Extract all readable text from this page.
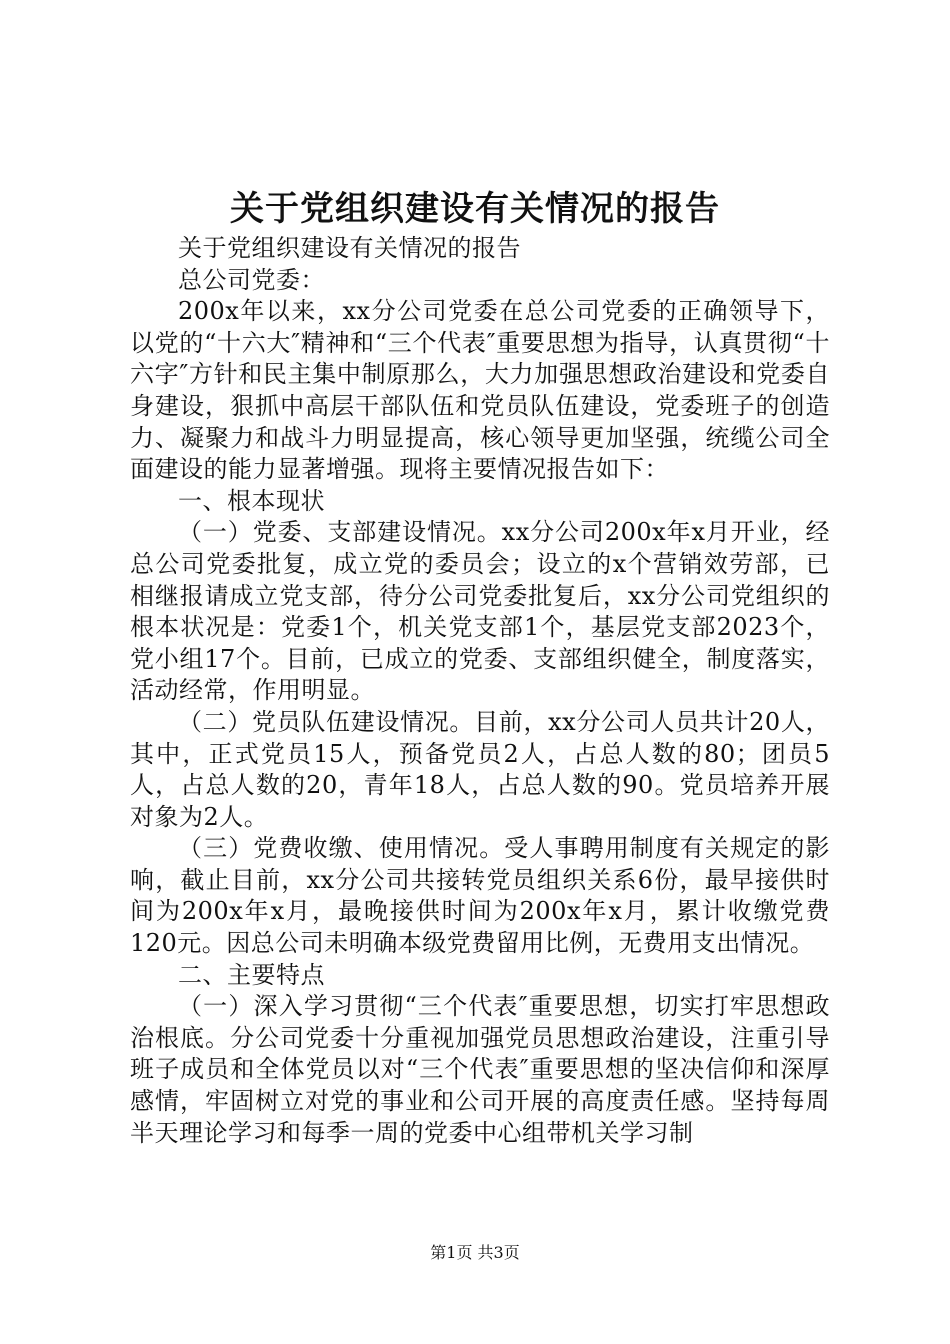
关于党组织建设有关情况的报告

关于党组织建设有关情况的报告

总公司党委：

200x年以来，xx分公司党委在总公司党委的正确领导下，以党的“十六大″精神和“三个代表″重要思想为指导，认真贯彻“十六字″方针和民主集中制原那么，大力加强思想政治建设和党委自身建设，狠抓中高层干部队伍和党员队伍建设，党委班子的创造力、凝聚力和战斗力明显提高，核心领导更加坚强，统缆公司全面建设的能力显著增强。现将主要情况报告如下：

一、根本现状

（一）党委、支部建设情况。xx分公司200x年x月开业，经总公司党委批复，成立党的委员会；设立的x个营销效劳部，已相继报请成立党支部，待分公司党委批复后，xx分公司党组织的根本状况是：党委1个，机关党支部1个，基层党支部2023个，党小组17个。目前，已成立的党委、支部组织健全，制度落实，活动经常，作用明显。

（二）党员队伍建设情况。目前，xx分公司人员共计20人，其中，正式党员15人，预备党员2人，占总人数的80；团员5人，占总人数的20，青年18人，占总人数的90。党员培养开展对象为2人。

（三）党费收缴、使用情况。受人事聘用制度有关规定的影响，截止目前，xx分公司共接转党员组织关系6份，最早接供时间为200x年x月，最晚接供时间为200x年x月，累计收缴党费120元。因总公司未明确本级党费留用比例，无费用支出情况。

二、主要特点

（一）深入学习贯彻“三个代表″重要思想，切实打牢思想政治根底。分公司党委十分重视加强党员思想政治建设，注重引导班子成员和全体党员以对“三个代表″重要思想的坚决信仰和深厚感情，牢固树立对党的事业和公司开展的高度责任感。坚持每周半天理论学习和每季一周的党委中心组带机关学习制

第1页 共3页
